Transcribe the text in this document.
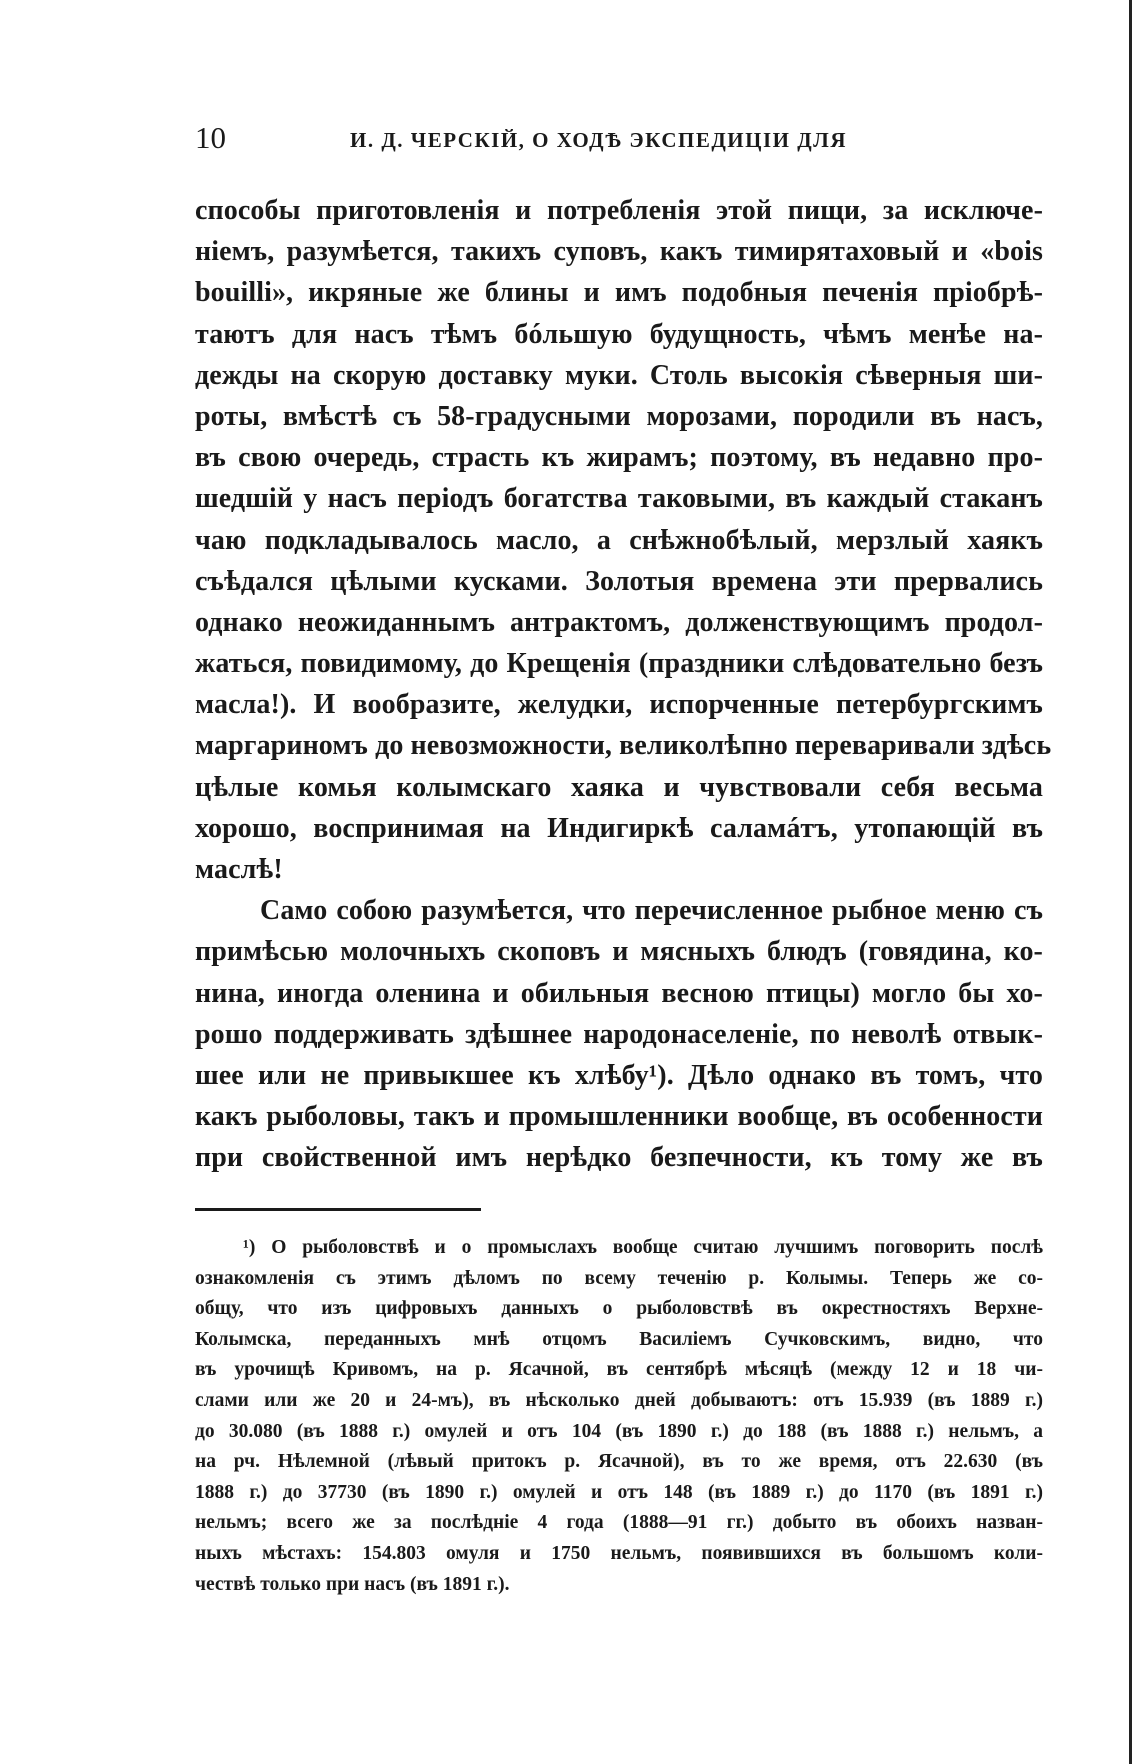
10	И. Д. ЧЕРСКІЙ, О ХОДѢ ЭКСПЕДИЦІИ ДЛЯ
способы приготовленія и потребленія этой пищи, за исключе-
ніемъ, разумѣется, такихъ суповъ, какъ тимирятаховый и «bois
bouilli», икряные же блины и имъ подобныя печенія пріобрѣ-
таютъ для насъ тѣмъ бóльшую будущность, чѣмъ менѣе на-
дежды на скорую доставку муки. Столь высокія сѣверныя ши-
роты, вмѣстѣ съ 58-градусными морозами, породили въ насъ,
въ свою очередь, страсть къ жирамъ; поэтому, въ недавно про-
шедшій у насъ періодъ богатства таковыми, въ каждый стаканъ
чаю подкладывалось масло, а снѣжнобѣлый, мерзлый хаякъ
съѣдался цѣлыми кусками. Золотыя времена эти прервались
однако неожиданнымъ антрактомъ, долженствующимъ продол-
жаться, повидимому, до Крещенія (праздники слѣдовательно безъ
масла!). И вообразите, желудки, испорченные петербургскимъ
маргариномъ до невозможности, великолѣпно переваривали здѣсь
цѣлые комья колымскаго хаяка и чувствовали себя весьма
хорошо, воспринимая на Индигиркѣ саламáтъ, утопающій въ
маслѣ!
Само собою разумѣется, что перечисленное рыбное меню съ
примѣсью молочныхъ скоповъ и мясныхъ блюдъ (говядина, ко-
нина, иногда оленина и обильныя весною птицы) могло бы хо-
рошо поддерживать здѣшнее народонаселеніе, по неволѣ отвык-
шее или не привыкшее къ хлѣбу¹). Дѣло однако въ томъ, что
какъ рыболовы, такъ и промышленники вообще, въ особенности
при свойственной имъ нерѣдко безпечности, къ тому же въ
¹) О рыболовствѣ и о промыслахъ вообще считаю лучшимъ поговорить послѣ
ознакомленія съ этимъ дѣломъ по всему теченію р. Колымы. Теперь же со-
общу, что изъ цифровыхъ данныхъ о рыболовствѣ въ окрестностяхъ Верхне-
Колымска, переданныхъ мнѣ отцомъ Василіемъ Сучковскимъ, видно, что
въ урочищѣ Кривомъ, на р. Ясачной, въ сентябрѣ мѣсяцѣ (между 12 и 18 чи-
слами или же 20 и 24-мъ), въ нѣсколько дней добываютъ: отъ 15.939 (въ 1889 г.)
до 30.080 (въ 1888 г.) омулей и отъ 104 (въ 1890 г.) до 188 (въ 1888 г.) нельмъ, а
на рч. Нѣлемной (лѣвый притокъ р. Ясачной), въ то же время, отъ 22.630 (въ
1888 г.) до 37730 (въ 1890 г.) омулей и отъ 148 (въ 1889 г.) до 1170 (въ 1891 г.)
нельмъ; всего же за послѣдніе 4 года (1888—91 гг.) добыто въ обоихъ назван-
ныхъ мѣстахъ: 154.803 омуля и 1750 нельмъ, появившихся въ большомъ коли-
чествѣ только при насъ (въ 1891 г.).
